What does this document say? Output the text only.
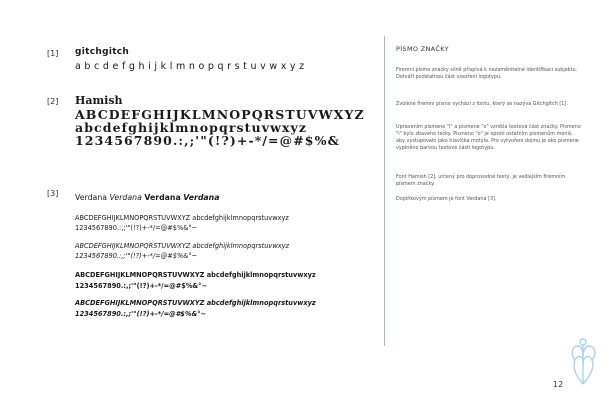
[1] gitchgitch
abcdefghijklmnopqrstuvwxyz
[2] Hamish
ABCDEFGHIJKLMNOPQRSTUVWXYZ
abcdefghijklmnopqrstuvwxyz
1234567890.:,;'"(!?)+-*/=@#$%&
[3] Verdana Verdana Verdana Verdana
ABCDEFGHIJKLMNOPQRSTUVWXYZ abcdefghijklmnopqrstuvwxyz
1234567890.:,;'"(!?)+-*/=@#$%&°~
ABCDEFGHIJKLMNOPQRSTUVWXYZ abcdefghijklmnopqrstuvwxyz
1234567890.:,;'"(!?)+-*/=@#$%&°~
ABCDEFGHIJKLMNOPQRSTUVWXYZ abcdefghijklmnopqrstuvwxyz
1234567890.:,;'"(!?)+-*/=@#$%&°~
ABCDEFGHIJKLMNOPQRSTUVWXYZ abcdefghijklmnopqrstuvwxyz
1234567890.:,;'"(!?)+-*/=@#$%&°~
PÍSMO ZNAČKY
Firemní písmo značky silně přispívá k nezaměnitelné identifikaci subjektu. Dotváří podstatnou část vzezření logotypu.
Zvolené firemní písmo vychází z fontu, který se nazýva Gitchgitch [1].
Upravením písmene "i" a písmene "o" vznikla textová část značky. Písmeno "i" bylo zbaveno tečky. Písmeno "o" je oproti ostatním písmenům menší, aby vystupovalo jako hlavička motýla. Pro vytvoření dojmu je oko písmene vyplněno barvou textové části logotypu.
Font Hamish [2], určený pro doprovodné texty, je vedlejším firemním písmem značky.
Doplňkovým písmem je font Verdana [3].
12
